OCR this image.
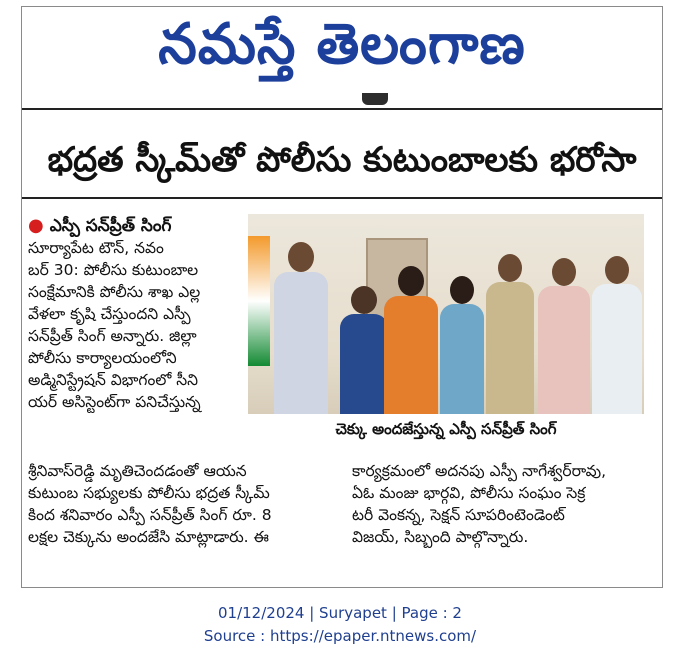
నమస్తే తెలంగాణ
భద్రత స్కీమ్‌తో పోలీసు కుటుంబాలకు భరోసా
● ఎస్పీ సన్‌ప్రీత్ సింగ్

సూర్యాపేట టౌన్, నవం

బర్ 30: పోలీసు కుటుంబాల

సంక్షేమానికి పోలీసు శాఖ ఎల్ల

వేళలా కృషి చేస్తుందని ఎస్పీ

సన్‌ప్రీత్ సింగ్ అన్నారు. జిల్లా

పోలీసు కార్యాలయంలోని

అడ్మినిస్ట్రేషన్ విభాగంలో సీని

యర్ అసిస్టెంట్‌గా పనిచేస్తున్న

చెక్కు అందజేస్తున్న ఎస్పీ సన్‌ప్రీత్ సింగ్

శ్రీనివాస్‌రెడ్డి మృతిచెందడంతో ఆయన

కుటుంబ సభ్యులకు పోలీసు భద్రత స్కీమ్

కింద శనివారం ఎస్పీ సన్‌ప్రీత్ సింగ్ రూ. 8

లక్షల చెక్కును అందజేసి మాట్లాడారు. ఈ

కార్యక్రమంలో అదనపు ఎస్పీ నాగేశ్వర్‌రావు,

ఏఓ మంజు భార్గవి, పోలీసు సంఘం సెక్ర

టరీ వెంకన్న, సెక్షన్ సూపరింటెండెంట్

విజయ్, సిబ్బంది పాల్గొన్నారు.

01/12/2024 | Suryapet | Page : 2
Source : https://epaper.ntnews.com/
